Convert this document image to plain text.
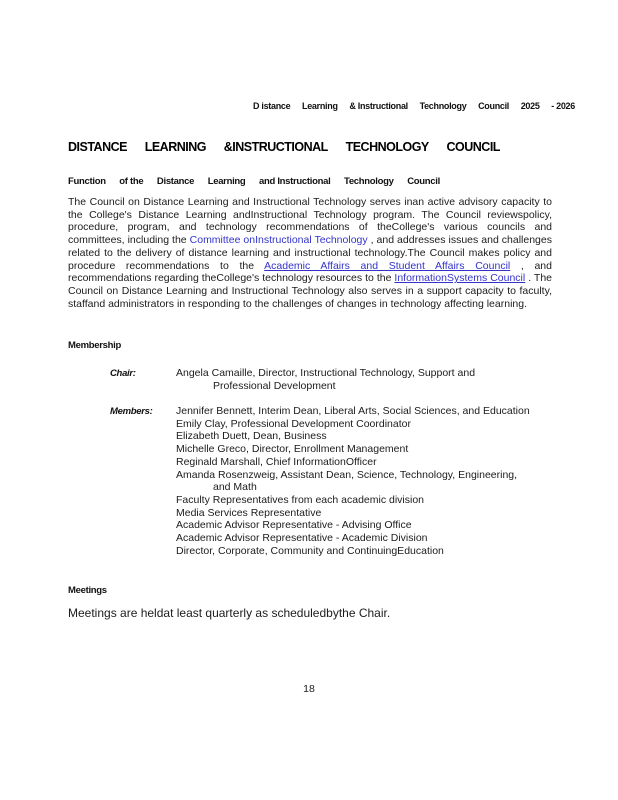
D istance Learning & Instructional Technology Council 2025 - 2026
DISTANCE LEARNING &INSTRUCTIONAL TECHNOLOGY COUNCIL
Function of the Distance Learning and Instructional Technology Council
The Council on Distance Learning and Instructional Technology serves inan active advisory capacity to the College's Distance Learning andInstructional Technology program. The Council reviewspolicy, procedure, program, and technology recommendations of theCollege's various councils and committees, including the Committee onInstructional Technology , and addresses issues and challenges related to the delivery of distance learning and instructional technology.The Council makes policy and procedure recommendations to the Academic Affairs and Student Affairs Council , and recommendations regarding theCollege's technology resources to the InformationSystems Council . The Council on Distance Learning and Instructional Technology also serves in a support capacity to faculty, staffand administrators in responding to the challenges of changes in technology affecting learning.
Membership
Chair:	Angela Camaille, Director, Instructional Technology, Support and
Professional Development
Members: Jennifer Bennett, Interim Dean, Liberal Arts, Social Sciences, and Education
Emily Clay, Professional Development Coordinator
Elizabeth Duett, Dean, Business
Michelle Greco, Director, Enrollment Management
Reginald Marshall, Chief InformationOfficer
Amanda Rosenzweig, Assistant Dean, Science, Technology, Engineering,
and Math
Faculty Representatives from each academic division
Media Services Representative
Academic Advisor Representative - Advising Office
Academic Advisor Representative - Academic Division
Director, Corporate, Community and ContinuingEducation
Meetings
Meetings are heldat least quarterly as scheduledbythe Chair.
18
